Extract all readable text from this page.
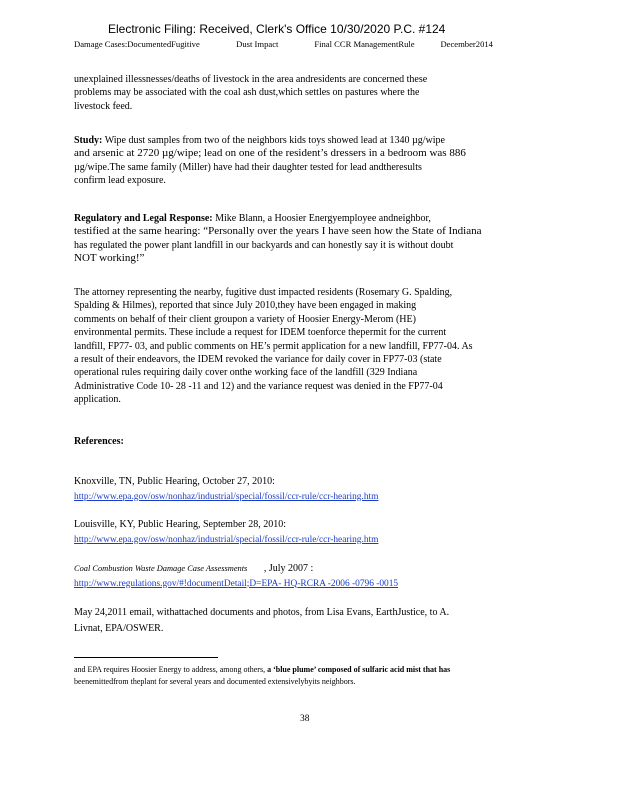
Electronic Filing: Received, Clerk's Office 10/30/2020 P.C. #124
Damage Cases:DocumentedFugitive	Dust Impact	Final CCR ManagementRule	December2014

unexplained illessnesses/deaths of livestock in the area andresidents are concerned these

problems may be associated with the coal ash dust,which settles on pastures where the

livestock feed.

Study: Wipe dust samples from two of the neighbors kids toys showed lead at 1340 µg/wipe

and arsenic at 2720 µg/wipe; lead on one of the resident’s dressers in a bedroom was 886

µg/wipe.The same family (Miller) have had their daughter tested for lead andtheresults

confirm lead exposure.

Regulatory and Legal Response: Mike Blann, a Hoosier Energyemployee andneighbor,

testified at the same hearing: “Personally over the years I have seen how the State of Indiana

has regulated the power plant landfill in our backyards and can honestly say it is without doubt

NOT working!”

The attorney representing the nearby, fugitive dust impacted residents (Rosemary G. Spalding,

Spalding & Hilmes), reported that since July 2010,they have been engaged in making

comments on behalf of their client groupon a variety of Hoosier Energy-Merom (HE)

environmental permits. These include a request for IDEM toenforce thepermit for the current

landfill, FP77- 03, and public comments on HE’s permit application for a new landfill, FP77-04. As

a result of their endeavors, the IDEM revoked the variance for daily cover in FP77-03 (state

operational rules requiring daily cover onthe working face of the landfill (329 Indiana

Administrative Code 10- 28 -11 and 12) and the variance request was denied in the FP77-04

application.

References:
Knoxville, TN, Public Hearing, October 27, 2010:
http://www.epa.gov/osw/nonhaz/industrial/special/fossil/ccr-rule/ccr-hearing.htm
Louisville, KY, Public Hearing, September 28, 2010:
http://www.epa.gov/osw/nonhaz/industrial/special/fossil/ccr-rule/ccr-hearing.htm
Coal Combustion Waste Damage Case Assessments , July 2007 :
http://www.regulations.gov/#!documentDetail;D=EPA- HQ-RCRA -2006 -0796 -0015
May 24,2011 email, withattached documents and photos, from Lisa Evans, EarthJustice, to A.
Livnat, EPA/OSWER.
and EPA requires Hoosier Energy to address, among others, a ‘blue plume’ composed of sulfaric acid mist that has
beenemittedfrom theplant for several years and documented extensivelybyits neighbors.
38
